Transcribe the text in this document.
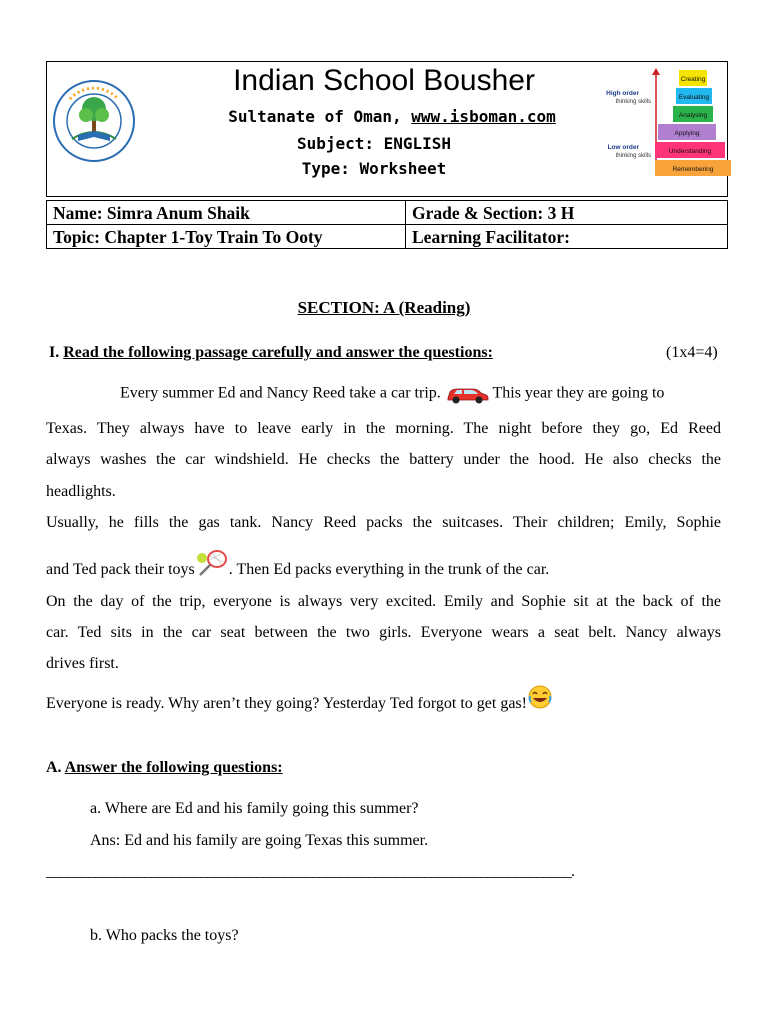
Indian School Bousher
Sultanate of Oman, www.isboman.com
Subject: ENGLISH
Type: Worksheet
High order
thinking skills
Low order
thinking skills
Creating
Evaluating
Analysing
Applying
Understanding
Remembering
Name: Simra Anum Shaik	Grade & Section: 3 H
Topic: Chapter 1-Toy Train To Ooty	Learning Facilitator:
SECTION: A (Reading)
I. Read the following passage carefully and answer the questions:	(1x4=4)
Every summer Ed and Nancy Reed take a car trip.	This year they are going to
Texas. They always have to leave early in the morning. The night before they go, Ed Reed
always washes the car windshield. He checks the battery under the hood. He also checks the
headlights.
Usually, he fills the gas tank. Nancy Reed packs the suitcases. Their children; Emily, Sophie
and Ted pack their toys . Then Ed packs everything in the trunk of the car.
On the day of the trip, everyone is always very excited. Emily and Sophie sit at the back of the
car. Ted sits in the car seat between the two girls. Everyone wears a seat belt. Nancy always
drives first.
Everyone is ready. Why aren’t they going? Yesterday Ted forgot to get gas!
A. Answer the following questions:
a. Where are Ed and his family going this summer?
Ans: Ed and his family are going Texas this summer.
___________________________________________________________________________.
b. Who packs the toys?
